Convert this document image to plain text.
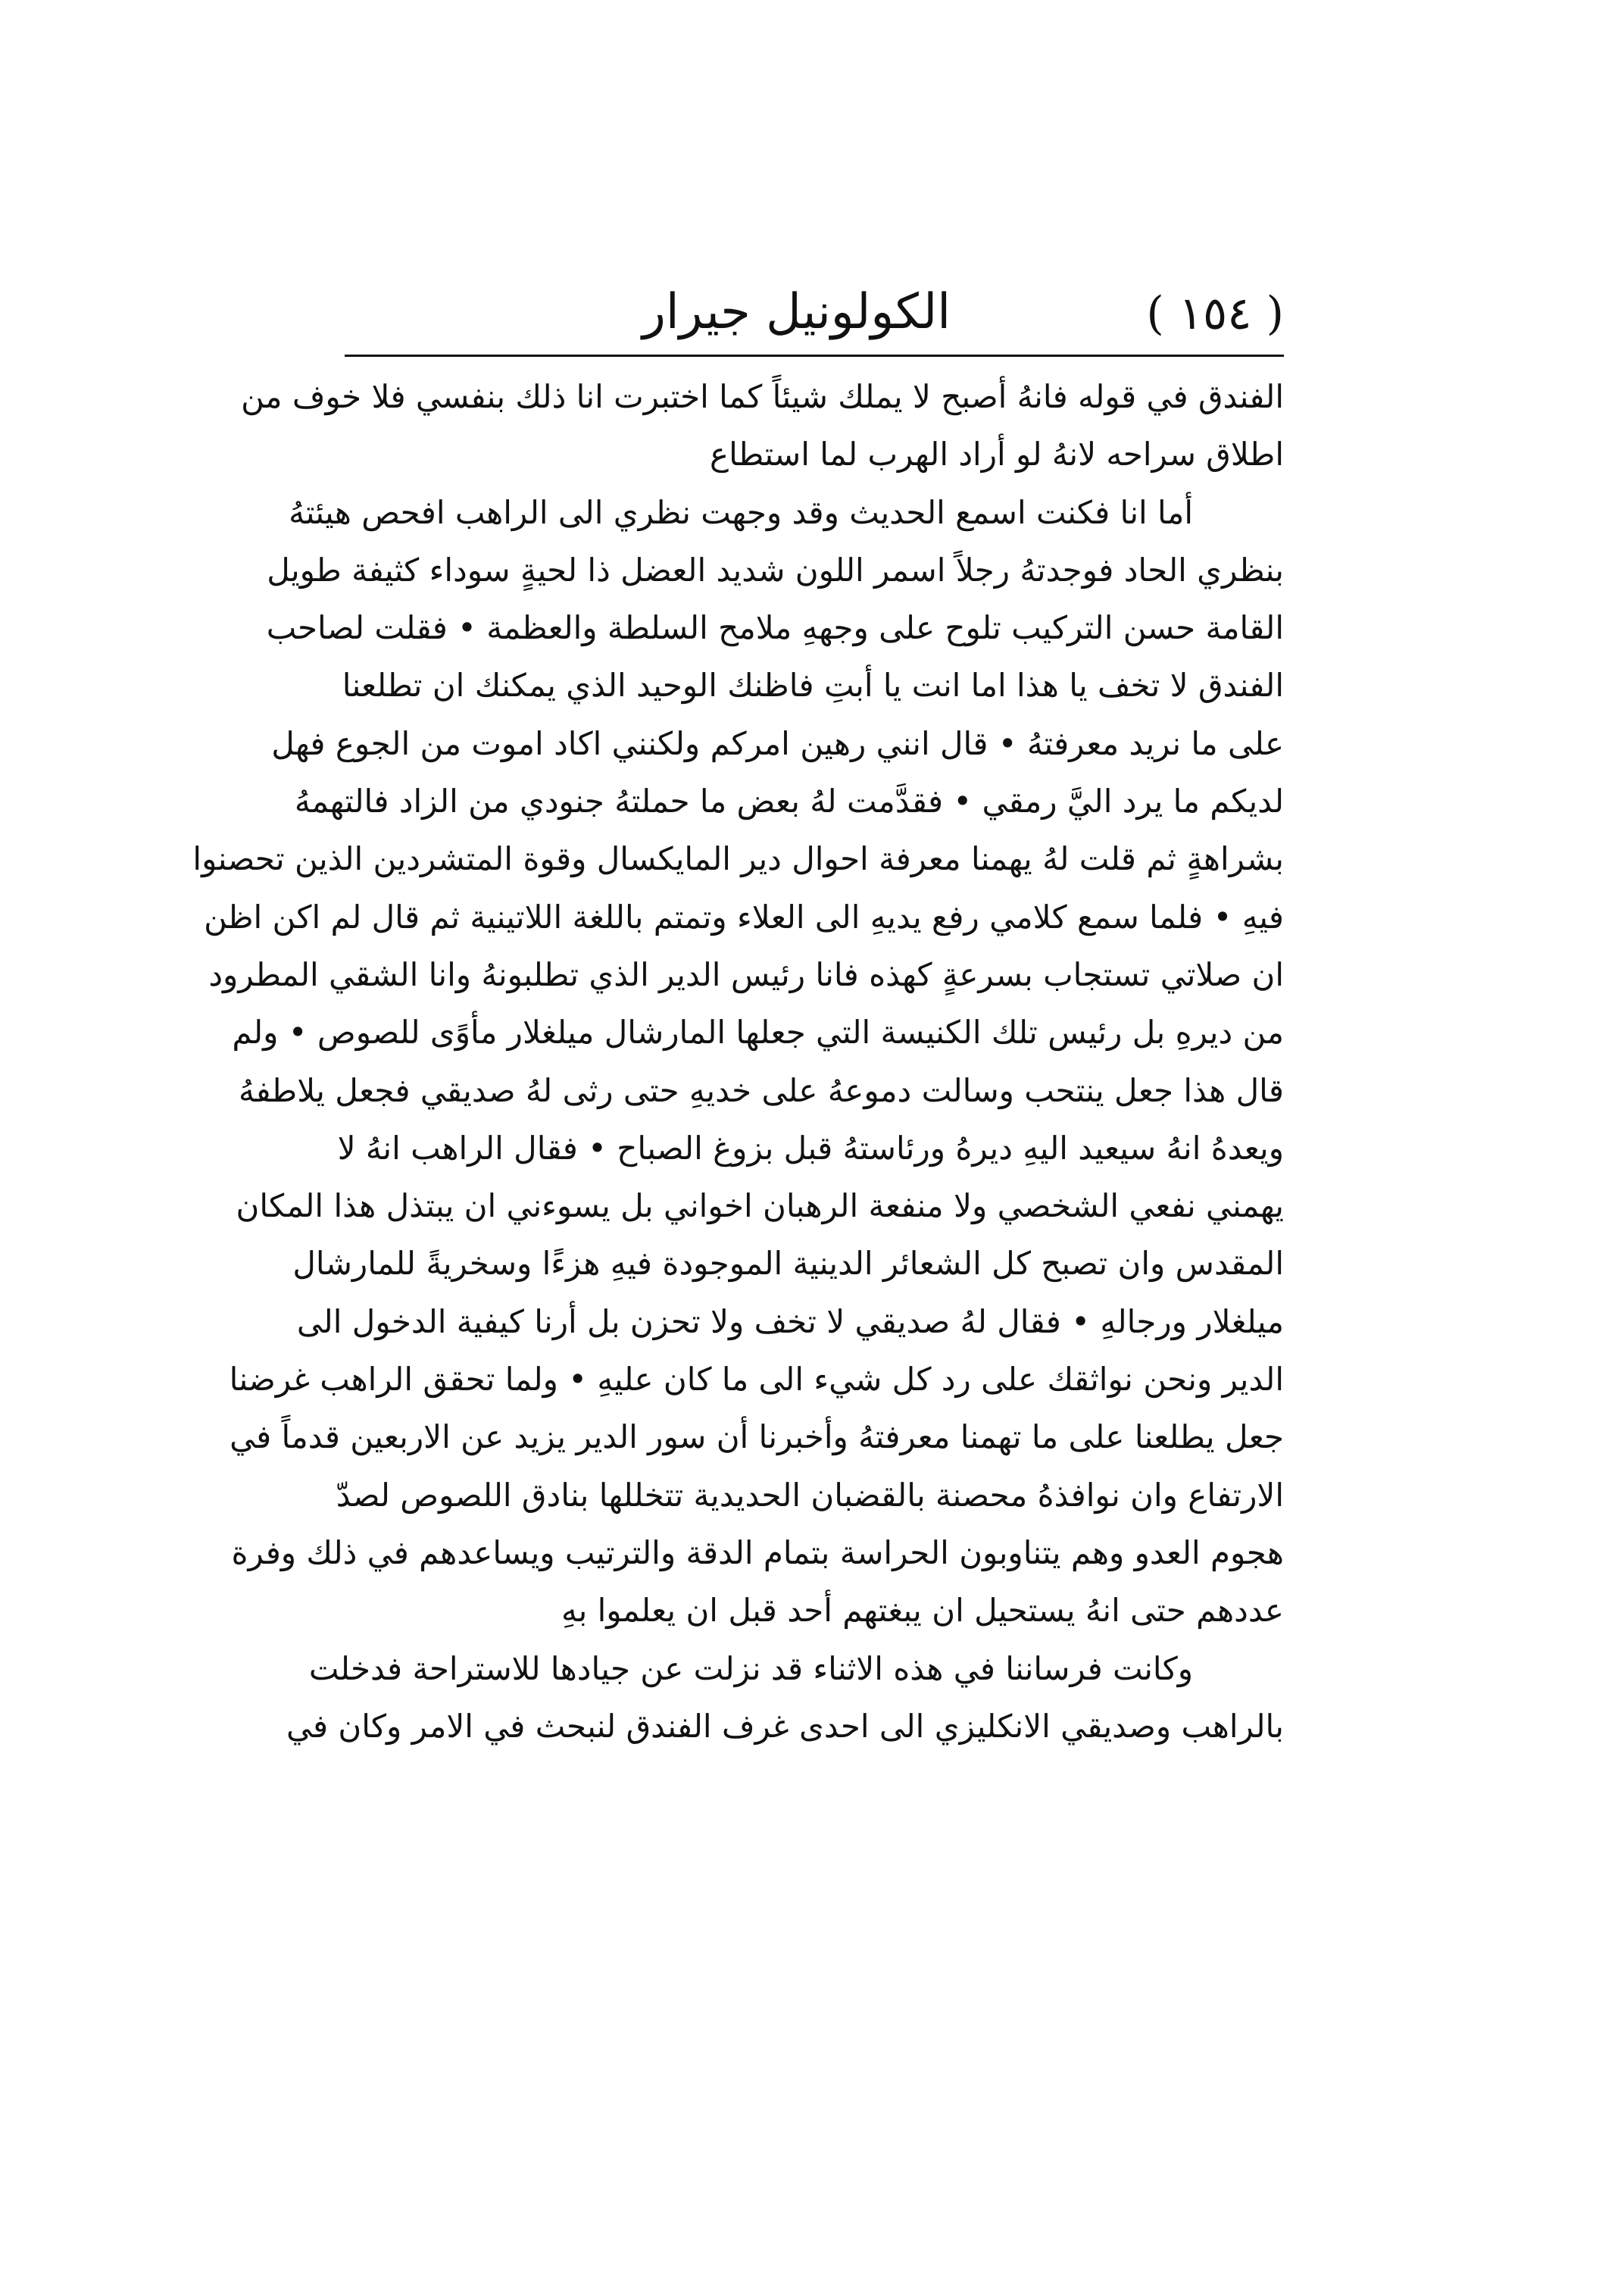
( ١٥٤ )
الكولونيل جيرار
الفندق في قوله فانهُ أصبح لا يملك شيئاً كما اختبرت انا ذلك بنفسي فلا خوف من
اطلاق سراحه لانهُ لو أراد الهرب لما استطاع
أما انا فكنت اسمع الحديث وقد وجهت نظري الى الراهب افحص هيئتهُ
بنظري الحاد فوجدتهُ رجلاً اسمر اللون شديد العضل ذا لحيةٍ سوداء كثيفة طويل
القامة حسن التركيب تلوح على وجههِ ملامح السلطة والعظمة • فقلت لصاحب
الفندق لا تخف يا هذا اما انت يا أبتِ فاظنك الوحيد الذي يمكنك ان تطلعنا
على ما نريد معرفتهُ • قال انني رهين امركم ولكنني اكاد اموت من الجوع فهل
لديكم ما يرد اليَّ رمقي • فقدَّمت لهُ بعض ما حملتهُ جنودي من الزاد فالتهمهُ
بشراهةٍ ثم قلت لهُ يهمنا معرفة احوال دير المايكسال وقوة المتشردين الذين تحصنوا
فيهِ • فلما سمع كلامي رفع يديهِ الى العلاء وتمتم باللغة اللاتينية ثم قال لم اكن اظن
ان صلاتي تستجاب بسرعةٍ كهذه فانا رئيس الدير الذي تطلبونهُ وانا الشقي المطرود
من ديرهِ بل رئيس تلك الكنيسة التي جعلها المارشال ميلغلار مأوًى للصوص • ولم
قال هذا جعل ينتحب وسالت دموعهُ على خديهِ حتى رثى لهُ صديقي فجعل يلاطفهُ
ويعدهُ انهُ سيعيد اليهِ ديرهُ ورئاستهُ قبل بزوغ الصباح • فقال الراهب انهُ لا
يهمني نفعي الشخصي ولا منفعة الرهبان اخواني بل يسوءني ان يبتذل هذا المكان
المقدس وان تصبح كل الشعائر الدينية الموجودة فيهِ هزءًا وسخريةً للمارشال
ميلغلار ورجالهِ • فقال لهُ صديقي لا تخف ولا تحزن بل أرنا كيفية الدخول الى
الدير ونحن نواثقك على رد كل شيء الى ما كان عليهِ • ولما تحقق الراهب غرضنا
جعل يطلعنا على ما تهمنا معرفتهُ وأخبرنا أن سور الدير يزيد عن الاربعين قدماً في
الارتفاع وان نوافذهُ محصنة بالقضبان الحديدية تتخللها بنادق اللصوص لصدّ
هجوم العدو وهم يتناوبون الحراسة بتمام الدقة والترتيب ويساعدهم في ذلك وفرة
عددهم حتى انهُ يستحيل ان يبغتهم أحد قبل ان يعلموا بهِ
وكانت فرساننا في هذه الاثناء قد نزلت عن جيادها للاستراحة فدخلت
بالراهب وصديقي الانكليزي الى احدى غرف الفندق لنبحث في الامر وكان في
